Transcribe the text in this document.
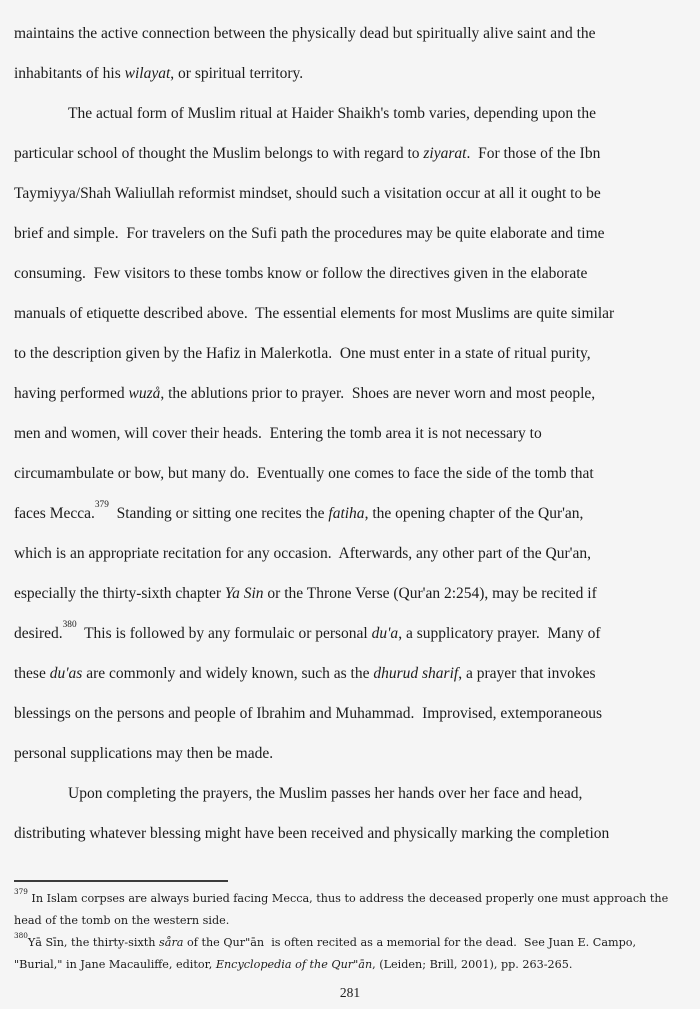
maintains the active connection between the physically dead but spiritually alive saint and the
inhabitants of his wilayat, or spiritual territory.
The actual form of Muslim ritual at Haider Shaikh's tomb varies, depending upon the
particular school of thought the Muslim belongs to with regard to ziyarat.  For those of the Ibn
Taymiyya/Shah Waliullah reformist mindset, should such a visitation occur at all it ought to be
brief and simple.  For travelers on the Sufi path the procedures may be quite elaborate and time
consuming.  Few visitors to these tombs know or follow the directives given in the elaborate
manuals of etiquette described above.  The essential elements for most Muslims are quite similar
to the description given by the Hafiz in Malerkotla.  One must enter in a state of ritual purity,
having performed wuzå, the ablutions prior to prayer.  Shoes are never worn and most people,
men and women, will cover their heads.  Entering the tomb area it is not necessary to
circumambulate or bow, but many do.  Eventually one comes to face the side of the tomb that
faces Mecca.$^{379}$  Standing or sitting one recites the fatiha, the opening chapter of the Qur'an,
which is an appropriate recitation for any occasion.  Afterwards, any other part of the Qur'an,
especially the thirty-sixth chapter Ya Sin or the Throne Verse (Qur'an 2:254), may be recited if
desired.$^{380}$  This is followed by any formulaic or personal du'a, a supplicatory prayer.  Many of
these du'as are commonly and widely known, such as the dhurud sharif, a prayer that invokes
blessings on the persons and people of Ibrahim and Muhammad.  Improvised, extemporaneous
personal supplications may then be made.
Upon completing the prayers, the Muslim passes her hands over her face and head,
distributing whatever blessing might have been received and physically marking the completion
$^{379}$ In Islam corpses are always buried facing Mecca, thus to address the deceased properly one must approach the
head of the tomb on the western side.
$^{380}$Yā Sīn, the thirty-sixth såra of the Qur"ān  is often recited as a memorial for the dead.  See Juan E. Campo,
"Burial," in Jane Macauliffe, editor, Encyclopedia of the Qur"ān, (Leiden; Brill, 2001), pp. 263-265.
281
